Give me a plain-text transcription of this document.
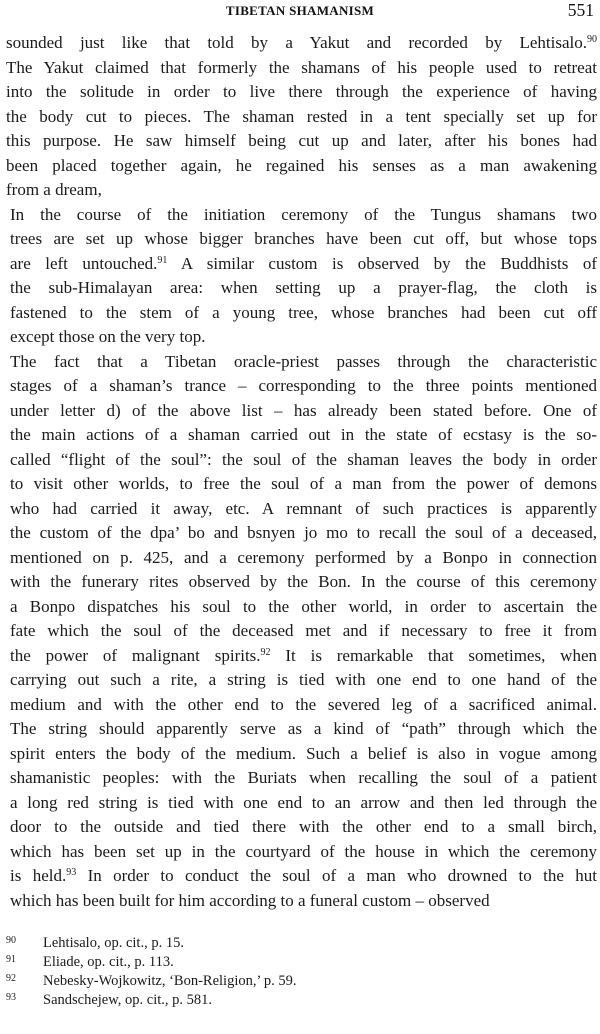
TIBETAN SHAMANISM	551

sounded just like that told by a Yakut and recorded by Lehtisalo.$^{90}$
The Yakut claimed that formerly the shamans of his people used to retreat
into the solitude in order to live there through the experience of having
the body cut to pieces. The shaman rested in a tent specially set up for
this purpose. He saw himself being cut up and later, after his bones had
been placed together again, he regained his senses as a man awakening
from a dream,

In the course of the initiation ceremony of the Tungus shamans two
trees are set up whose bigger branches have been cut off, but whose tops
are left untouched.$^{91}$ A similar custom is observed by the Buddhists of
the sub-Himalayan area: when setting up a prayer-flag, the cloth is
fastened to the stem of a young tree, whose branches had been cut off
except those on the very top.

The fact that a Tibetan oracle-priest passes through the characteristic
stages of a shaman’s trance – corresponding to the three points mentioned
under letter d) of the above list – has already been stated before. One of
the main actions of a shaman carried out in the state of ecstasy is the so-
called “flight of the soul”: the soul of the shaman leaves the body in order
to visit other worlds, to free the soul of a man from the power of demons
who had carried it away, etc. A remnant of such practices is apparently
the custom of the dpa’ bo and bsnyen jo mo to recall the soul of a deceased,
mentioned on p. 425, and a ceremony performed by a Bonpo in connection
with the funerary rites observed by the Bon. In the course of this ceremony
a Bonpo dispatches his soul to the other world, in order to ascertain the
fate which the soul of the deceased met and if necessary to free it from
the power of malignant spirits.$^{92}$ It is remarkable that sometimes, when
carrying out such a rite, a string is tied with one end to one hand of the
medium and with the other end to the severed leg of a sacrificed animal.
The string should apparently serve as a kind of “path” through which the
spirit enters the body of the medium. Such a belief is also in vogue among
shamanistic peoples: with the Buriats when recalling the soul of a patient
a long red string is tied with one end to an arrow and then led through the
door to the outside and tied there with the other end to a small birch,
which has been set up in the courtyard of the house in which the ceremony
is held.$^{93}$ In order to conduct the soul of a man who drowned to the hut
which has been built for him according to a funeral custom – observed

90 Lehtisalo, op. cit., p. 15.
91 Eliade, op. cit., p. 113.
92 Nebesky-Wojkowitz, ‘Bon-Religion,’ p. 59.
93 Sandschejew, op. cit., p. 581.
